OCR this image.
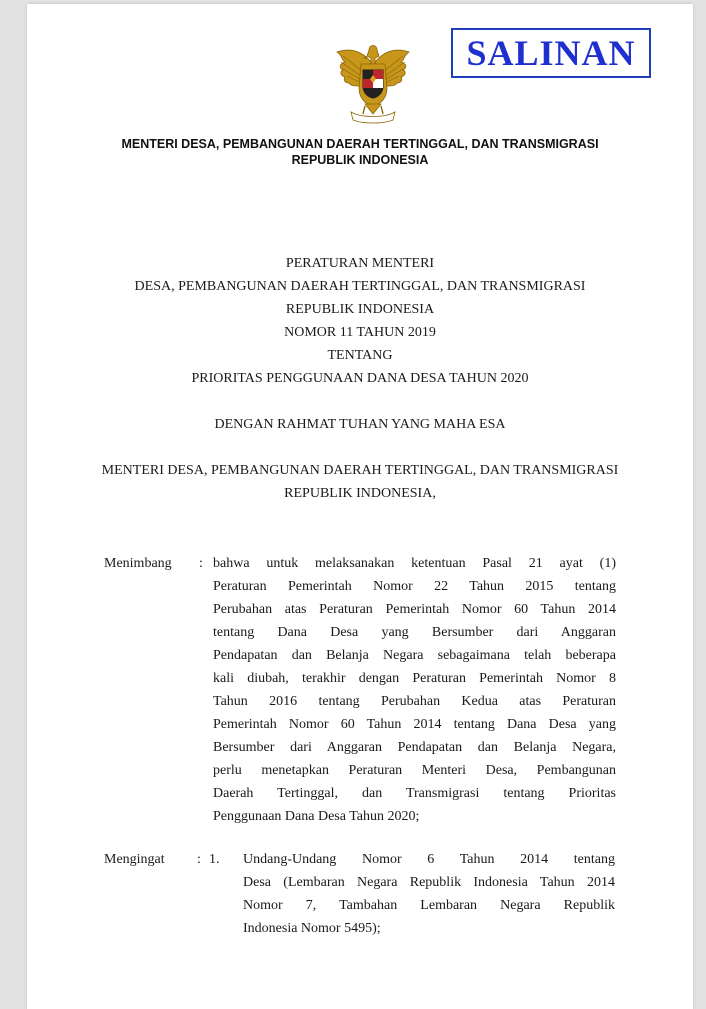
SALINAN
MENTERI DESA, PEMBANGUNAN DAERAH TERTINGGAL, DAN TRANSMIGRASI
REPUBLIK INDONESIA
PERATURAN MENTERI
DESA, PEMBANGUNAN DAERAH TERTINGGAL, DAN TRANSMIGRASI
REPUBLIK INDONESIA
NOMOR 11 TAHUN 2019
TENTANG
PRIORITAS PENGGUNAAN DANA DESA TAHUN 2020
DENGAN RAHMAT TUHAN YANG MAHA ESA
MENTERI DESA, PEMBANGUNAN DAERAH TERTINGGAL, DAN TRANSMIGRASI
REPUBLIK INDONESIA,
Menimbang : bahwa untuk melaksanakan ketentuan Pasal 21 ayat (1)
Peraturan Pemerintah Nomor 22 Tahun 2015 tentang
Perubahan atas Peraturan Pemerintah Nomor 60 Tahun 2014
tentang Dana Desa yang Bersumber dari Anggaran
Pendapatan dan Belanja Negara sebagaimana telah beberapa
kali diubah, terakhir dengan Peraturan Pemerintah Nomor 8
Tahun 2016 tentang Perubahan Kedua atas Peraturan
Pemerintah Nomor 60 Tahun 2014 tentang Dana Desa yang
Bersumber dari Anggaran Pendapatan dan Belanja Negara,
perlu menetapkan Peraturan Menteri Desa, Pembangunan
Daerah Tertinggal, dan Transmigrasi tentang Prioritas
Penggunaan Dana Desa Tahun 2020;
Mengingat : 1. Undang-Undang Nomor 6 Tahun 2014 tentang
Desa (Lembaran Negara Republik Indonesia Tahun 2014
Nomor 7, Tambahan Lembaran Negara Republik
Indonesia Nomor 5495);
